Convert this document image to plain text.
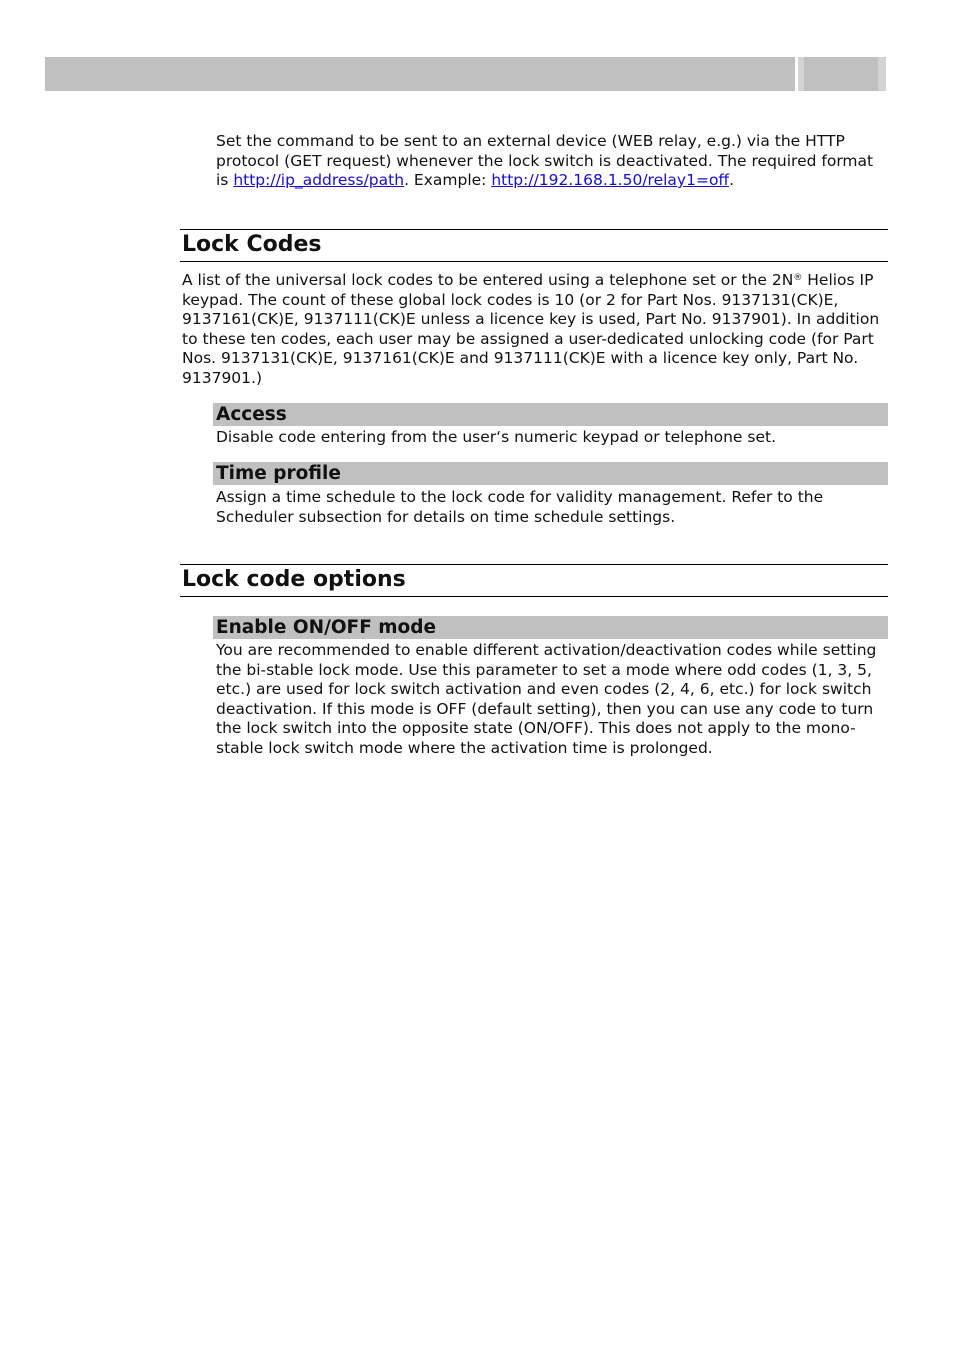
Set the command to be sent to an external device (WEB relay, e.g.) via the HTTP protocol (GET request) whenever the lock switch is deactivated. The required format is http://ip_address/path. Example: http://192.168.1.50/relay1=off.

Lock Codes

A list of the universal lock codes to be entered using a telephone set or the 2N® Helios IP keypad. The count of these global lock codes is 10 (or 2 for Part Nos. 9137131(CK)E, 9137161(CK)E, 9137111(CK)E unless a licence key is used, Part No. 9137901). In addition to these ten codes, each user may be assigned a user-dedicated unlocking code (for Part Nos. 9137131(CK)E, 9137161(CK)E and 9137111(CK)E with a licence key only, Part No. 9137901.)

Access

Disable code entering from the user‘s numeric keypad or telephone set.

Time profile

Assign a time schedule to the lock code for validity management. Refer to the Scheduler subsection for details on time schedule settings.

Lock code options
Enable ON/OFF mode

You are recommended to enable different activation/deactivation codes while setting the bi-stable lock mode. Use this parameter to set a mode where odd codes (1, 3, 5, etc.) are used for lock switch activation and even codes (2, 4, 6, etc.) for lock switch deactivation. If this mode is OFF (default setting), then you can use any code to turn the lock switch into the opposite state (ON/OFF). This does not apply to the mono-stable lock switch mode where the activation time is prolonged.
